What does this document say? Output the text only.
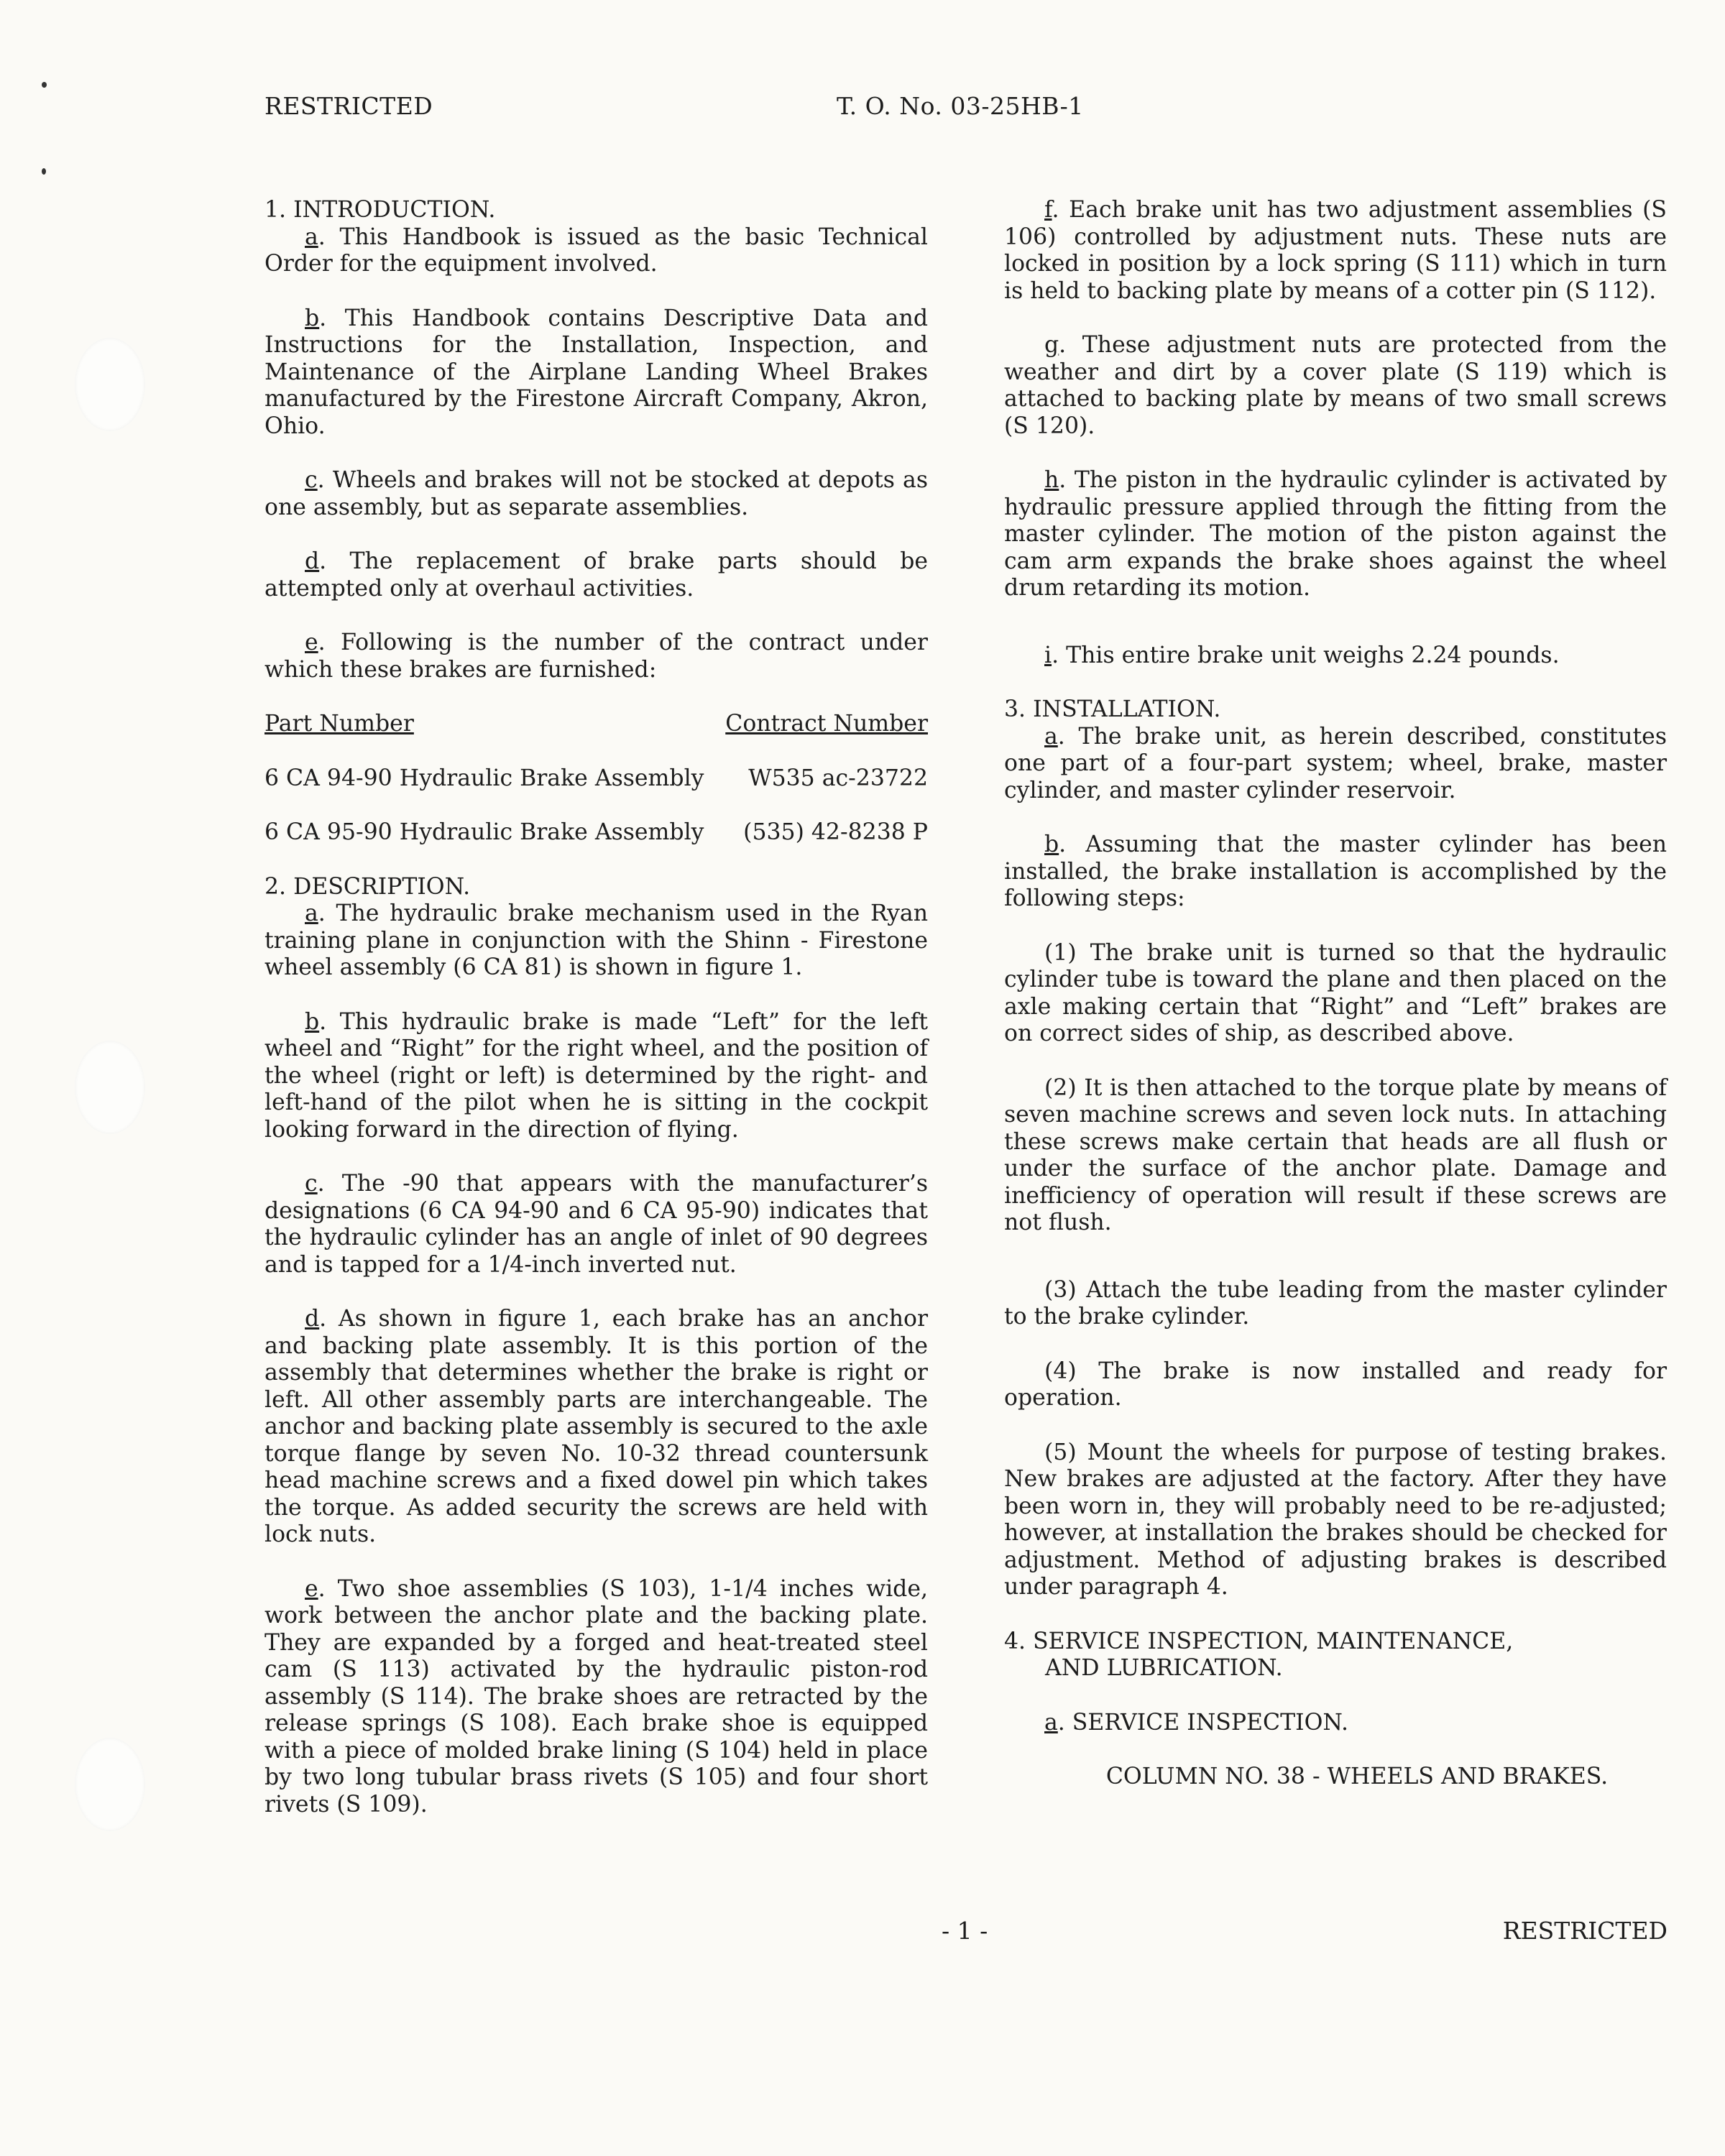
RESTRICTED	T. O. No. 03-25HB-1

1. INTRODUCTION.

a. This Handbook is issued as the basic Technical Order for the equipment involved.

b. This Handbook contains Descriptive Data and Instructions for the Installation, Inspection, and Maintenance of the Airplane Landing Wheel Brakes manufactured by the Firestone Aircraft Company, Akron, Ohio.

c. Wheels and brakes will not be stocked at depots as one assembly, but as separate assemblies.

d. The replacement of brake parts should be attempted only at overhaul activities.

e. Following is the number of the contract under which these brakes are furnished:

Part Number	Contract Number
6 CA 94-90 Hydraulic Brake Assembly W535 ac-23722
6 CA 95-90 Hydraulic Brake Assembly (535) 42-8238 P

2. DESCRIPTION.

a. The hydraulic brake mechanism used in the Ryan training plane in conjunction with the Shinn - Firestone wheel assembly (6 CA 81) is shown in figure 1.

b. This hydraulic brake is made “Left” for the left wheel and “Right” for the right wheel, and the position of the wheel (right or left) is determined by the right- and left-hand of the pilot when he is sitting in the cockpit looking forward in the direction of flying.

c. The -90 that appears with the manufacturer’s designations (6 CA 94-90 and 6 CA 95-90) indicates that the hydraulic cylinder has an angle of inlet of 90 degrees and is tapped for a 1/4-inch inverted nut.

d. As shown in figure 1, each brake has an anchor and backing plate assembly. It is this portion of the assembly that determines whether the brake is right or left. All other assembly parts are interchangeable. The anchor and backing plate assembly is secured to the axle torque flange by seven No. 10-32 thread countersunk head machine screws and a fixed dowel pin which takes the torque. As added security the screws are held with lock nuts.

e. Two shoe assemblies (S 103), 1-1/4 inches wide, work between the anchor plate and the backing plate. They are expanded by a forged and heat-treated steel cam (S 113) activated by the hydraulic piston-rod assembly (S 114). The brake shoes are retracted by the release springs (S 108). Each brake shoe is equipped with a piece of molded brake lining (S 104) held in place by two long tubular brass rivets (S 105) and four short rivets (S 109).

f. Each brake unit has two adjustment assemblies (S 106) controlled by adjustment nuts. These nuts are locked in position by a lock spring (S 111) which in turn is held to backing plate by means of a cotter pin (S 112).

g. These adjustment nuts are protected from the weather and dirt by a cover plate (S 119) which is attached to backing plate by means of two small screws (S 120).

h. The piston in the hydraulic cylinder is activated by hydraulic pressure applied through the fitting from the master cylinder. The motion of the piston against the cam arm expands the brake shoes against the wheel drum retarding its motion.

i. This entire brake unit weighs 2.24 pounds.

3. INSTALLATION.

a. The brake unit, as herein described, constitutes one part of a four-part system; wheel, brake, master cylinder, and master cylinder reservoir.

b. Assuming that the master cylinder has been installed, the brake installation is accomplished by the following steps:

(1) The brake unit is turned so that the hydraulic cylinder tube is toward the plane and then placed on the axle making certain that “Right” and “Left” brakes are on correct sides of ship, as described above.

(2) It is then attached to the torque plate by means of seven machine screws and seven lock nuts. In attaching these screws make certain that heads are all flush or under the surface of the anchor plate. Damage and inefficiency of operation will result if these screws are not flush.

(3) Attach the tube leading from the master cylinder to the brake cylinder.

(4) The brake is now installed and ready for operation.

(5) Mount the wheels for purpose of testing brakes. New brakes are adjusted at the factory. After they have been worn in, they will probably need to be re-adjusted; however, at installation the brakes should be checked for adjustment. Method of adjusting brakes is described under paragraph 4.

4. SERVICE INSPECTION, MAINTENANCE,

AND LUBRICATION.

a. SERVICE INSPECTION.

COLUMN NO. 38 - WHEELS AND BRAKES.

- 1 -	RESTRICTED
